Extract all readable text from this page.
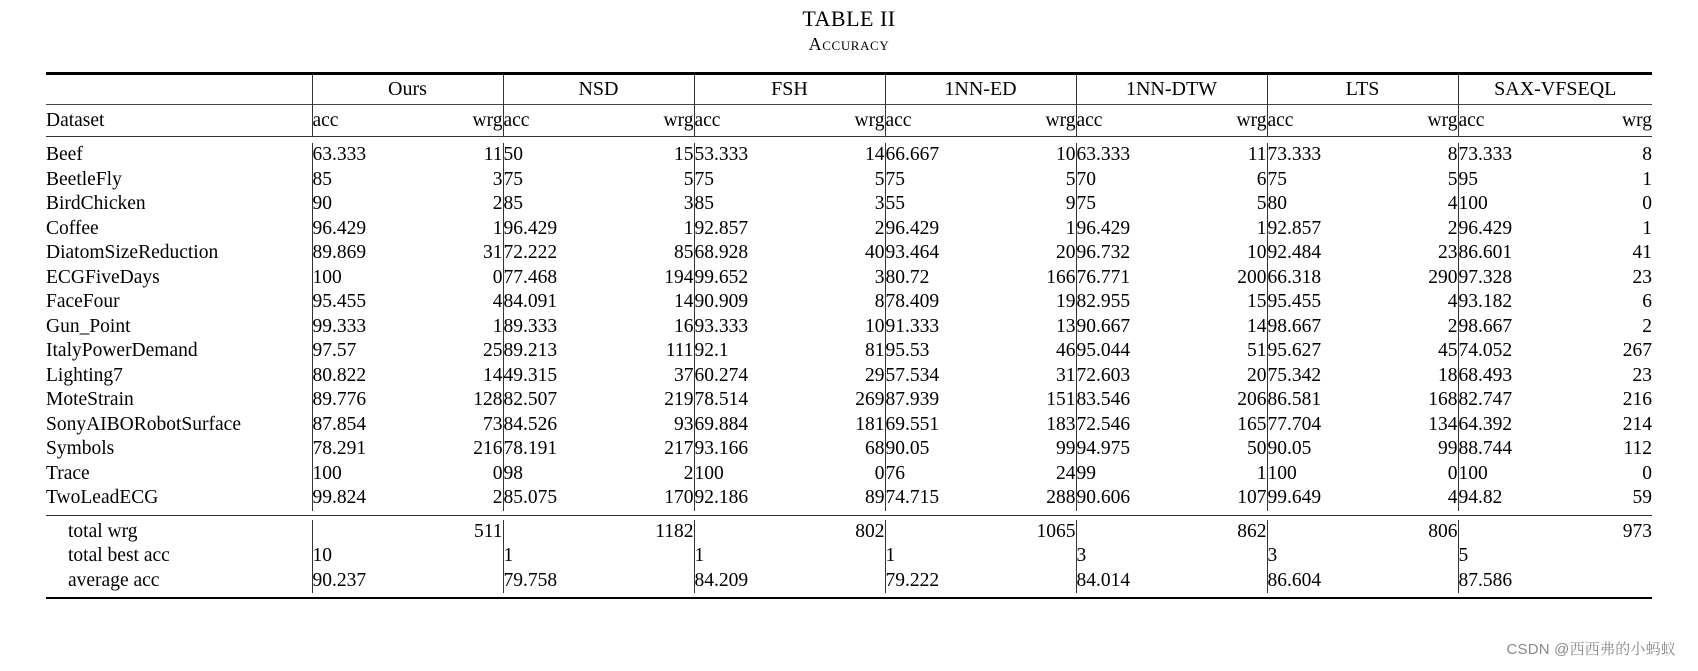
TABLE II
Accuracy

	Ours		NSD		FSH		1NN-ED		1NN-DTW		LTS		SAX-VFSEQL	

Dataset	acc	wrg	acc	wrg	acc	wrg	acc	wrg	acc	wrg	acc	wrg	acc	wrg

Beef	63.333	11	50	15	53.333	14	66.667	10	63.333	11	73.333	8	73.333	8
BeetleFly	85	3	75	5	75	5	75	5	70	6	75	5	95	1
BirdChicken	90	2	85	3	85	3	55	9	75	5	80	4	100	0
Coffee	96.429	1	96.429	1	92.857	2	96.429	1	96.429	1	92.857	2	96.429	1
DiatomSizeReduction	89.869	31	72.222	85	68.928	40	93.464	20	96.732	10	92.484	23	86.601	41
ECGFiveDays	100	0	77.468	194	99.652	3	80.72	166	76.771	200	66.318	290	97.328	23
FaceFour	95.455	4	84.091	14	90.909	8	78.409	19	82.955	15	95.455	4	93.182	6
Gun_Point	99.333	1	89.333	16	93.333	10	91.333	13	90.667	14	98.667	2	98.667	2
ItalyPowerDemand	97.57	25	89.213	111	92.1	81	95.53	46	95.044	51	95.627	45	74.052	267
Lighting7	80.822	14	49.315	37	60.274	29	57.534	31	72.603	20	75.342	18	68.493	23
MoteStrain	89.776	128	82.507	219	78.514	269	87.939	151	83.546	206	86.581	168	82.747	216
SonyAIBORobotSurface	87.854	73	84.526	93	69.884	181	69.551	183	72.546	165	77.704	134	64.392	214
Symbols	78.291	216	78.191	217	93.166	68	90.05	99	94.975	50	90.05	99	88.744	112
Trace	100	0	98	2	100	0	76	24	99	1	100	0	100	0
TwoLeadECG	99.824	2	85.075	170	92.186	89	74.715	288	90.606	107	99.649	4	94.82	59

total wrg		511		1182		802		1065		862		806		973
total best acc	10		1		1		1		3		3		5	
average acc	90.237		79.758		84.209		79.222		84.014		86.604		87.586	

CSDN @西西弗的小蚂蚁
